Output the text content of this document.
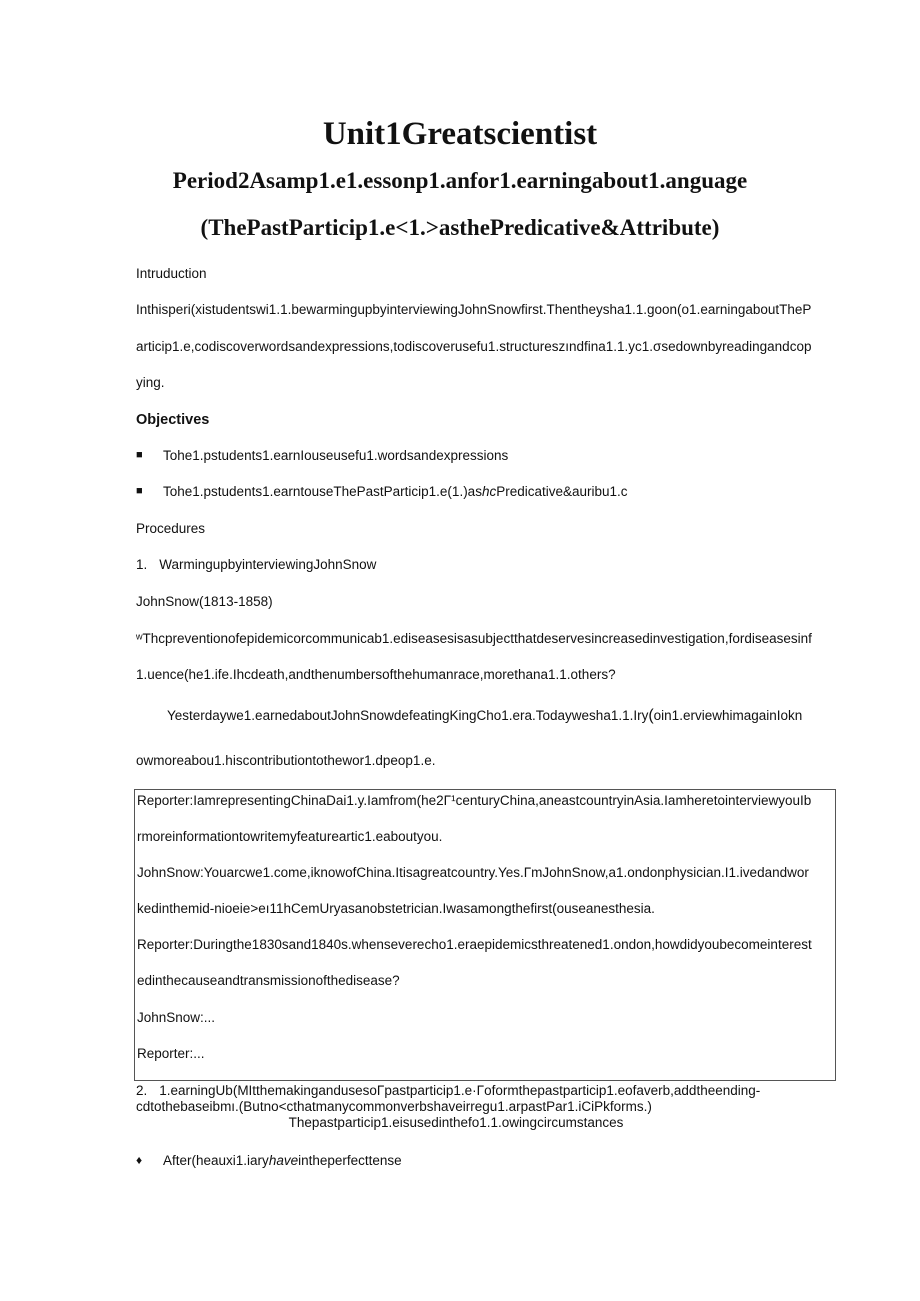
Unit1Greatscientist
Period2Asamp1.e1.essonp1.anfor1.earningabout1.anguage
(ThePastParticip1.e<1.>asthePredicative&Attribute)

Intruduction

Inthisperi(xistudentswi1.1.bewarmingupbyinterviewingJohnSnowfirst.Thentheysha1.1.goon(o1.earningaboutTheP

articip1.e,codiscoverwordsandexpressions,todiscoverusefu1.structureszındfina1.1.yc1.σsedownbyreadingandcop

ying.

Objectives

■ Tohe1.pstudents1.earnIouseusefu1.wordsandexpressions

■ Tohe1.pstudents1.earntouseThePastParticip1.e(1.)ashcPredicative&auribu1.c

Procedures

1. WarmingupbyinterviewingJohnSnow

JohnSnow(1813-1858)

ʷThcpreventionofepidemicorcommunicab1.ediseasesisasubjectthatdeservesincreasedinvestigation,fordiseasesinf

1.uence(he1.ife.Ihcdeath,andthenumbersofthehumanrace,morethana1.1.others?

Yesterdaywe1.earnedaboutJohnSnowdefeatingKingCho1.era.Todaywesha1.1.Iry(oin1.erviewhimagainIokn

owmoreabou1.hiscontributiontothewor1.dpeop1.e.

Reporter:IamrepresentingChinaDai1.y.Iamfrom(he2Γ¹centuryChina,aneastcountryinAsia.IamheretointerviewyouIb

rmoreinformationtowritemyfeatureartic1.eaboutyou.

JohnSnow:Youarcwe1.come,iknowofChina.Itisagreatcountry.Yes.ΓmJohnSnow,a1.ondonphysician.I1.ivedandwor

kedinthemid-nioeie>eı11hCemUryasanobstetrician.Iwasamongthefirst(ouseanesthesia.

Reporter:Duringthe1830sand1840s.whenseverecho1.eraepidemicsthreatened1.ondon,howdidyoubecomeinterest

edinthecauseandtransmissionofthedisease?

JohnSnow:...

Reporter:...

2. 1.earningUb(MItthemakingandusesoΓpastparticip1.e·Γoformthepastparticip1.eofaverb,addtheending-

cdtothebaseibmı.(Butno<cthatmanycommonverbshaveirregu1.arpastPar1.iCiPkforms.)

Thepastparticip1.eisusedinthefo1.1.owingcircumstances
♦ After(heauxi1.iaryhaveintheperfecttense
